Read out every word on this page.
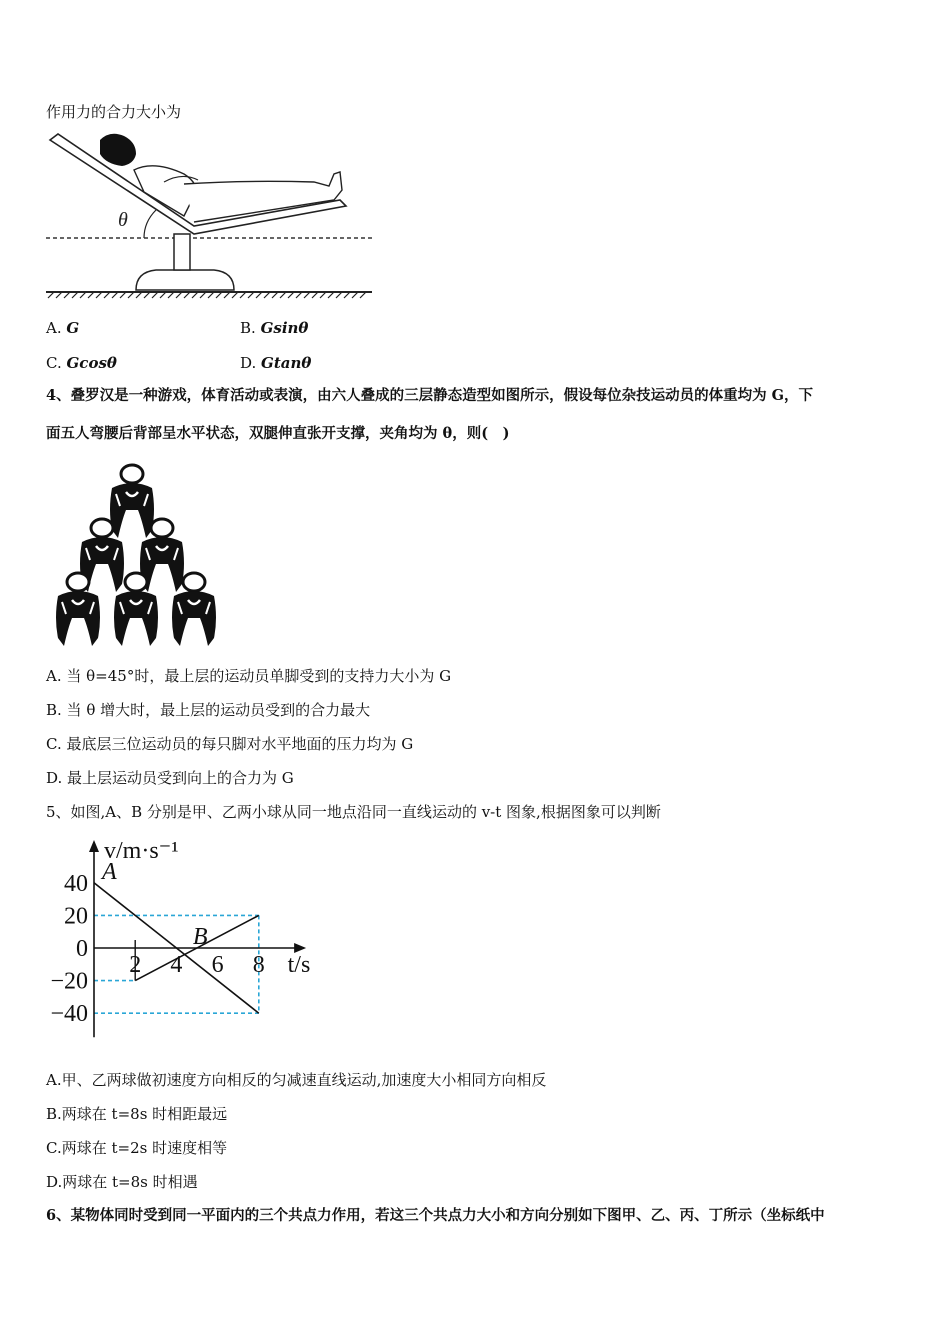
作用力的合力大小为
θ
A. G	B. Gsinθ
C. Gcosθ	D. Gtanθ
4、叠罗汉是一种游戏，体育活动或表演，由六人叠成的三层静态造型如图所示，假设每位杂技运动员的体重均为 G，下
面五人弯腰后背部呈水平状态，双腿伸直张开支撑，夹角均为 θ，则(　)
A. 当 θ=45°时，最上层的运动员单脚受到的支持力大小为 G
B. 当 θ 增大时，最上层的运动员受到的合力最大
C. 最底层三位运动员的每只脚对水平地面的压力均为 G
D. 最上层运动员受到向上的合力为 G
5、如图,A、B 分别是甲、乙两小球从同一地点沿同一直线运动的 v-t 图象,根据图象可以判断
A
B
40
20
0
−20
−40
2 4 6 8
v/m·s⁻¹
t/s
A.甲、乙两球做初速度方向相反的匀减速直线运动,加速度大小相同方向相反
B.两球在 t=8s 时相距最远
C.两球在 t=2s 时速度相等
D.两球在 t=8s 时相遇
6、某物体同时受到同一平面内的三个共点力作用，若这三个共点力大小和方向分别如下图甲、乙、丙、丁所示（坐标纸中
